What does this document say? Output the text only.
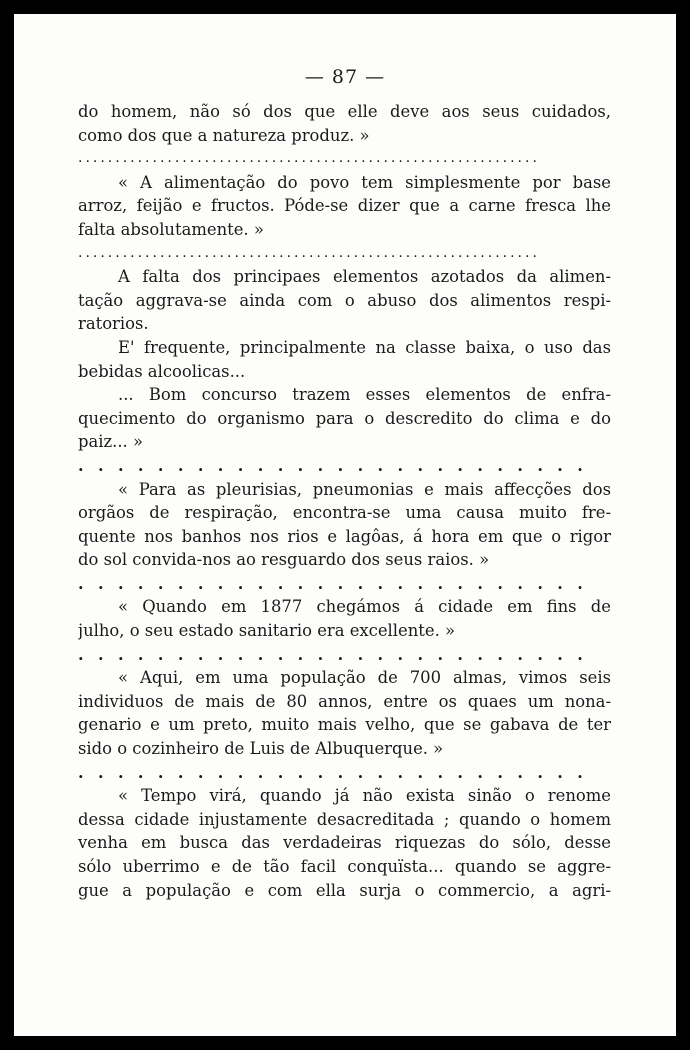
— 87 —
do homem, não só dos que elle deve aos seus cuidados,
como dos que a natureza produz. »
..............................................................
« A alimentação do povo tem simplesmente por base
arroz, feijão e fructos. Póde-se dizer que a carne fresca lhe
falta absolutamente. »
..............................................................
A falta dos principaes elementos azotados da alimen-
tação aggrava-se ainda com o abuso dos alimentos respi-
ratorios.
E' frequente, principalmente na classe baixa, o uso das
bebidas alcoolicas...
... Bom concurso trazem esses elementos de enfra-
quecimento do organismo para o descredito do clima e do
paiz... »
..........................
« Para as pleurisias, pneumonias e mais affecções dos
orgãos de respiração, encontra-se uma causa muito fre-
quente nos banhos nos rios e lagôas, á hora em que o rigor
do sol convida-nos ao resguardo dos seus raios. »
..........................
« Quando em 1877 chegámos á cidade em fins de
julho, o seu estado sanitario era excellente. »
..........................
« Aqui, em uma população de 700 almas, vimos seis
individuos de mais de 80 annos, entre os quaes um nona-
genario e um preto, muito mais velho, que se gabava de ter
sido o cozinheiro de Luis de Albuquerque. »
..........................
« Tempo virá, quando já não exista sinão o renome
dessa cidade injustamente desacreditada ; quando o homem
venha em busca das verdadeiras riquezas do sólo, desse
sólo uberrimo e de tão facil conquïsta... quando se aggre-
gue a população e com ella surja o commercio, a agri-
